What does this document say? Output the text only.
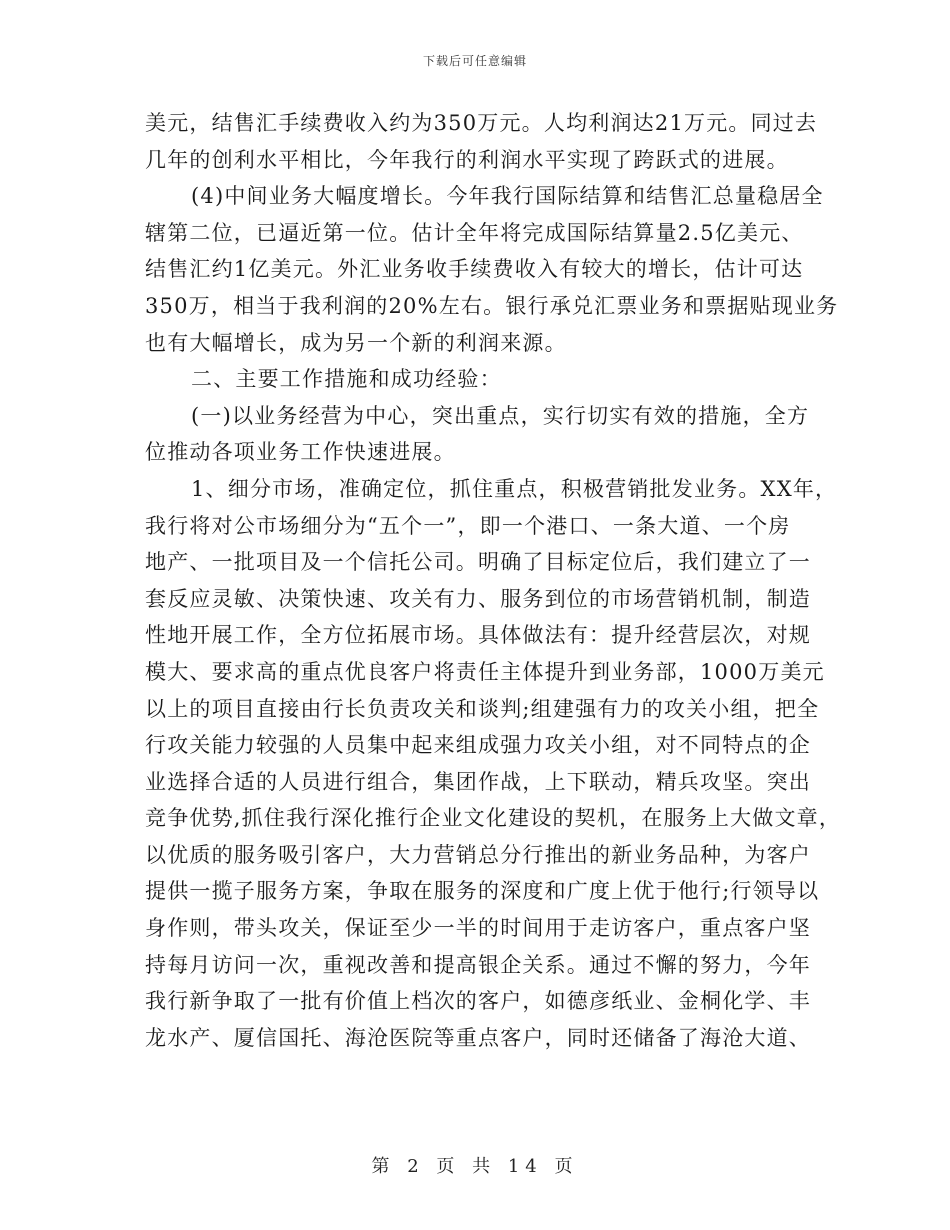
下载后可任意编辑
美元，结售汇手续费收入约为350万元。人均利润达21万元。同过去
几年的创利水平相比，今年我行的利润水平实现了跨跃式的进展。
(4)中间业务大幅度增长。今年我行国际结算和结售汇总量稳居全
辖第二位，已逼近第一位。估计全年将完成国际结算量2.5亿美元、
结售汇约1亿美元。外汇业务收手续费收入有较大的增长，估计可达
350万，相当于我利润的20%左右。银行承兑汇票业务和票据贴现业务
也有大幅增长，成为另一个新的利润来源。
二、主要工作措施和成功经验：
(一)以业务经营为中心，突出重点，实行切实有效的措施，全方
位推动各项业务工作快速进展。
1、细分市场，准确定位，抓住重点，积极营销批发业务。XX年，
我行将对公市场细分为“五个一”，即一个港口、一条大道、一个房
地产、一批项目及一个信托公司。明确了目标定位后，我们建立了一
套反应灵敏、决策快速、攻关有力、服务到位的市场营销机制，制造
性地开展工作，全方位拓展市场。具体做法有：提升经营层次，对规
模大、要求高的重点优良客户将责任主体提升到业务部，1000万美元
以上的项目直接由行长负责攻关和谈判;组建强有力的攻关小组，把全
行攻关能力较强的人员集中起来组成强力攻关小组，对不同特点的企
业选择合适的人员进行组合，集团作战，上下联动，精兵攻坚。突出
竞争优势,抓住我行深化推行企业文化建设的契机，在服务上大做文章，
以优质的服务吸引客户，大力营销总分行推出的新业务品种，为客户
提供一揽子服务方案，争取在服务的深度和广度上优于他行;行领导以
身作则，带头攻关，保证至少一半的时间用于走访客户，重点客户坚
持每月访问一次，重视改善和提高银企关系。通过不懈的努力，今年
我行新争取了一批有价值上档次的客户，如德彦纸业、金桐化学、丰
龙水产、厦信国托、海沧医院等重点客户，同时还储备了海沧大道、
第 2 页 共 14 页
